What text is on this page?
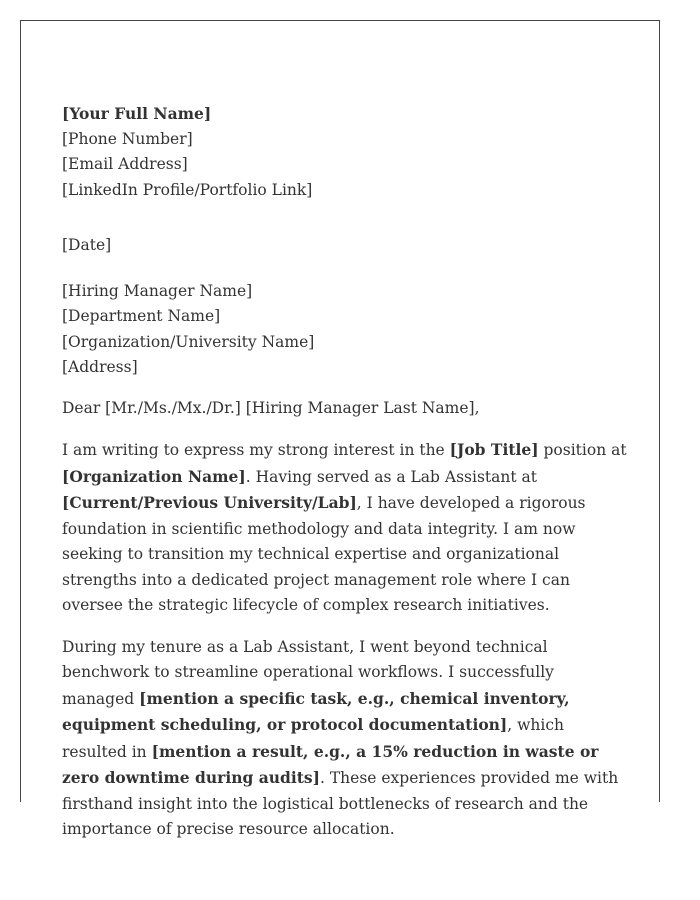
[Your Full Name]
[Phone Number]
[Email Address]
[LinkedIn Profile/Portfolio Link]
[Date]
[Hiring Manager Name]
[Department Name]
[Organization/University Name]
[Address]
Dear [Mr./Ms./Mx./Dr.] [Hiring Manager Last Name],

I am writing to express my strong interest in the [Job Title] position at [Organization Name]. Having served as a Lab Assistant at [Current/Previous University/Lab], I have developed a rigorous foundation in scientific methodology and data integrity. I am now seeking to transition my technical expertise and organizational strengths into a dedicated project management role where I can oversee the strategic lifecycle of complex research initiatives.

During my tenure as a Lab Assistant, I went beyond technical benchwork to streamline operational workflows. I successfully managed [mention a specific task, e.g., chemical inventory, equipment scheduling, or protocol documentation], which resulted in [mention a result, e.g., a 15% reduction in waste or zero downtime during audits]. These experiences provided me with firsthand insight into the logistical bottlenecks of research and the importance of precise resource allocation.
